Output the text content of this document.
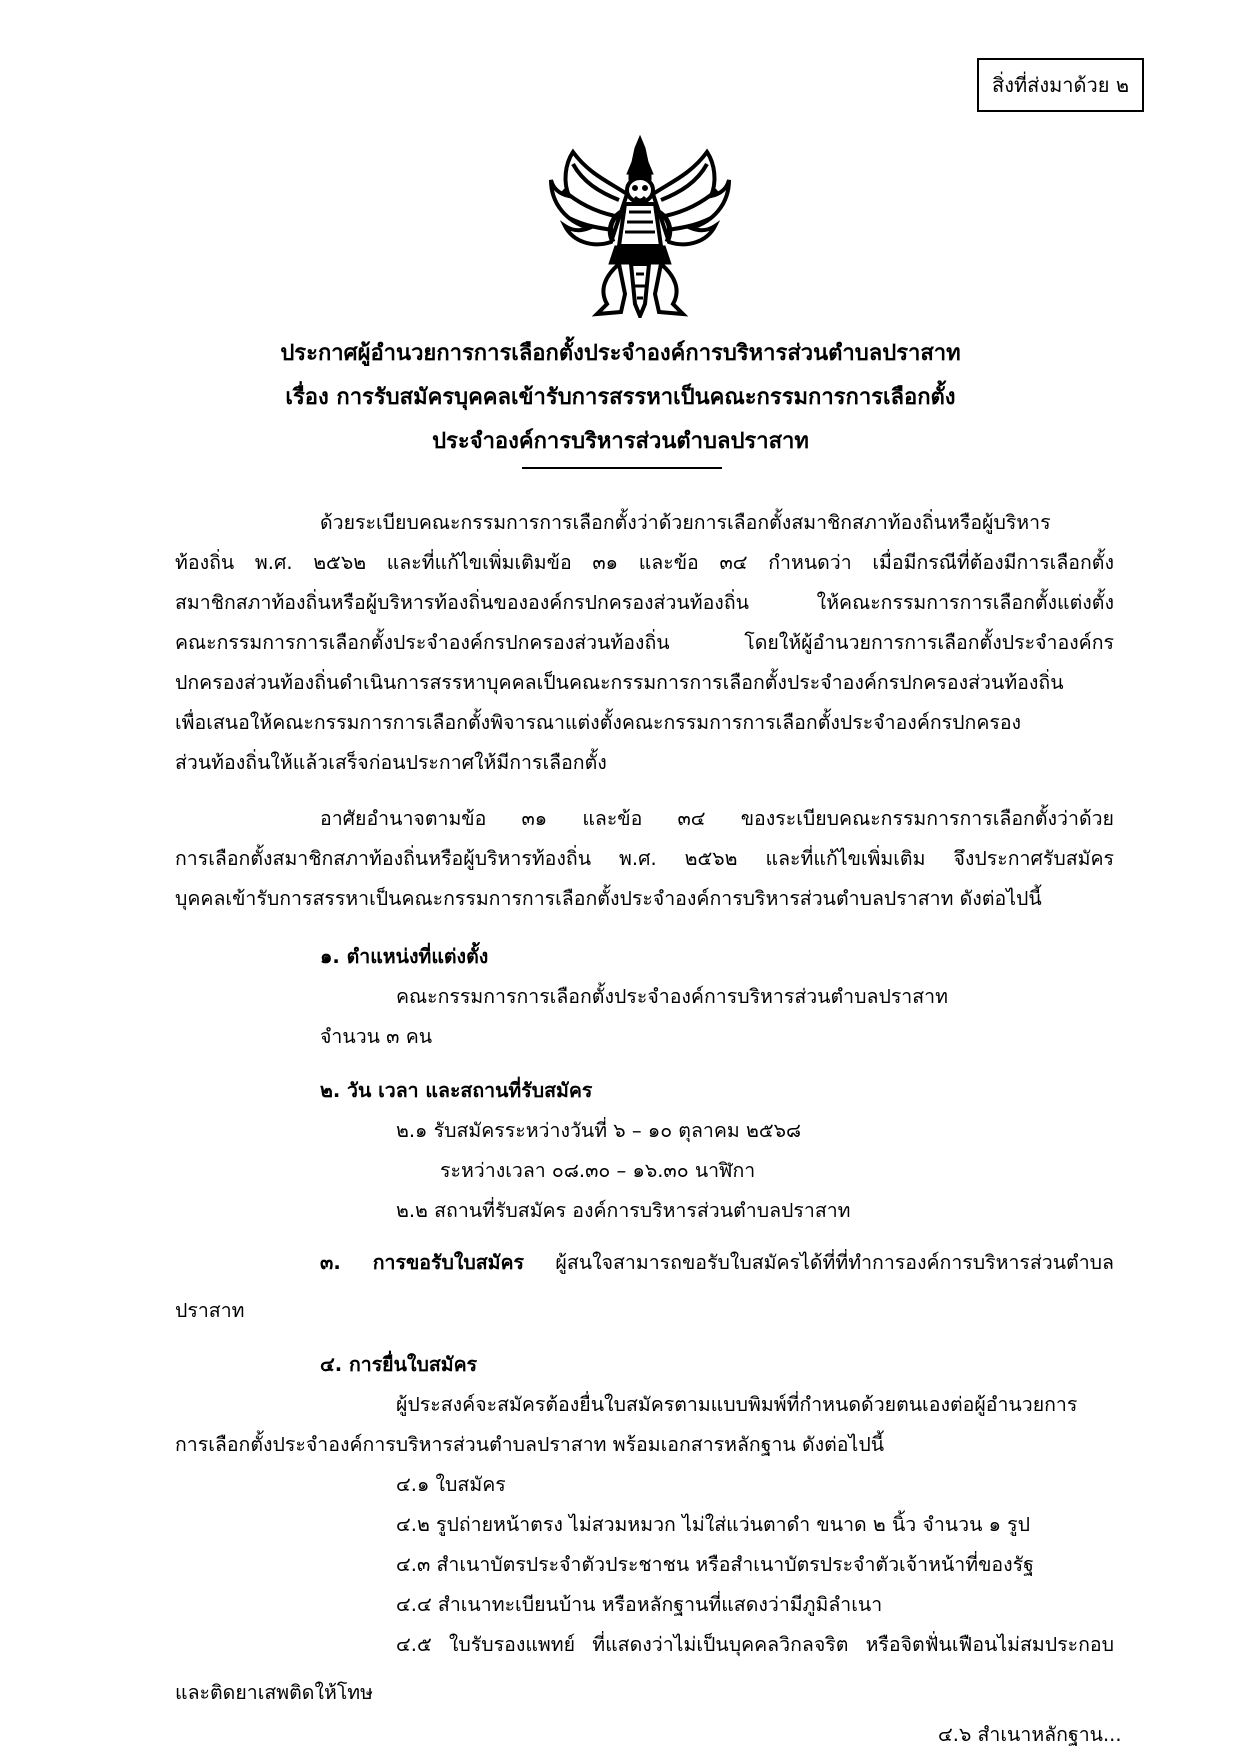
สิ่งที่ส่งมาด้วย ๒
ประกาศผู้อำนวยการการเลือกตั้งประจำองค์การบริหารส่วนตำบลปราสาท
เรื่อง การรับสมัครบุคคลเข้ารับการสรรหาเป็นคณะกรรมการการเลือกตั้ง
ประจำองค์การบริหารส่วนตำบลปราสาท
ด้วยระเบียบคณะกรรมการการเลือกตั้งว่าด้วยการเลือกตั้งสมาชิกสภาท้องถิ่นหรือผู้บริหาร
ท้องถิ่น พ.ศ. ๒๕๖๒ และที่แก้ไขเพิ่มเติมข้อ ๓๑ และข้อ ๓๔ กำหนดว่า เมื่อมีกรณีที่ต้องมีการเลือกตั้ง
สมาชิกสภาท้องถิ่นหรือผู้บริหารท้องถิ่นขององค์กรปกครองส่วนท้องถิ่น ให้คณะกรรมการการเลือกตั้งแต่งตั้ง
คณะกรรมการการเลือกตั้งประจำองค์กรปกครองส่วนท้องถิ่น โดยให้ผู้อำนวยการการเลือกตั้งประจำองค์กร
ปกครองส่วนท้องถิ่นดำเนินการสรรหาบุคคลเป็นคณะกรรมการการเลือกตั้งประจำองค์กรปกครองส่วนท้องถิ่น
เพื่อเสนอให้คณะกรรมการการเลือกตั้งพิจารณาแต่งตั้งคณะกรรมการการเลือกตั้งประจำองค์กรปกครอง
ส่วนท้องถิ่นให้แล้วเสร็จก่อนประกาศให้มีการเลือกตั้ง
อาศัยอำนาจตามข้อ ๓๑ และข้อ ๓๔ ของระเบียบคณะกรรมการการเลือกตั้งว่าด้วย
การเลือกตั้งสมาชิกสภาท้องถิ่นหรือผู้บริหารท้องถิ่น พ.ศ. ๒๕๖๒ และที่แก้ไขเพิ่มเติม จึงประกาศรับสมัคร
บุคคลเข้ารับการสรรหาเป็นคณะกรรมการการเลือกตั้งประจำองค์การบริหารส่วนตำบลปราสาท ดังต่อไปนี้
๑. ตำแหน่งที่แต่งตั้ง
คณะกรรมการการเลือกตั้งประจำองค์การบริหารส่วนตำบลปราสาท
จำนวน ๓ คน
๒. วัน เวลา และสถานที่รับสมัคร
๒.๑ รับสมัครระหว่างวันที่ ๖ – ๑๐ ตุลาคม ๒๕๖๘
ระหว่างเวลา ๐๘.๓๐ – ๑๖.๓๐ นาฬิกา
๒.๒ สถานที่รับสมัคร องค์การบริหารส่วนตำบลปราสาท
๓. การขอรับใบสมัคร ผู้สนใจสามารถขอรับใบสมัครได้ที่ที่ทำการองค์การบริหารส่วนตำบล
ปราสาท
๔. การยื่นใบสมัคร
ผู้ประสงค์จะสมัครต้องยื่นใบสมัครตามแบบพิมพ์ที่กำหนดด้วยตนเองต่อผู้อำนวยการ
การเลือกตั้งประจำองค์การบริหารส่วนตำบลปราสาท พร้อมเอกสารหลักฐาน ดังต่อไปนี้
๔.๑ ใบสมัคร
๔.๒ รูปถ่ายหน้าตรง ไม่สวมหมวก ไม่ใส่แว่นตาดำ ขนาด ๒ นิ้ว จำนวน ๑ รูป
๔.๓ สำเนาบัตรประจำตัวประชาชน หรือสำเนาบัตรประจำตัวเจ้าหน้าที่ของรัฐ
๔.๔ สำเนาทะเบียนบ้าน หรือหลักฐานที่แสดงว่ามีภูมิลำเนา
๔.๕ ใบรับรองแพทย์ ที่แสดงว่าไม่เป็นบุคคลวิกลจริต หรือจิตฟั่นเฟือนไม่สมประกอบ
และติดยาเสพติดให้โทษ
๔.๖ สำเนาหลักฐาน...
